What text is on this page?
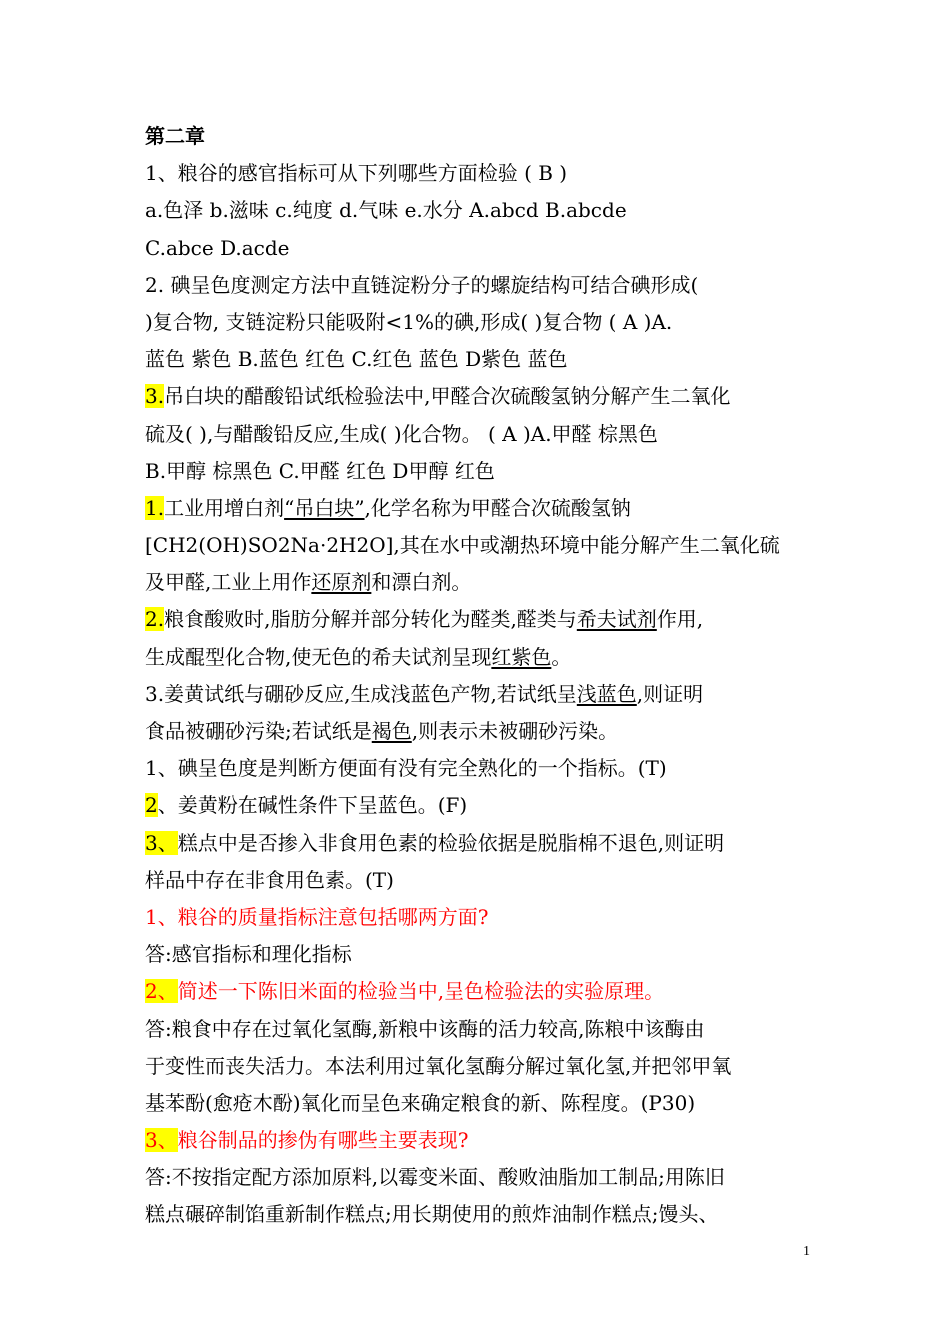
第二章
1、粮谷的感官指标可从下列哪些方面检验 ( B )
a.色泽 b.滋味 c.纯度 d.气味 e.水分 A.abcd B.abcde
C.abce D.acde
2. 碘呈色度测定方法中直链淀粉分子的螺旋结构可结合碘形成(
)复合物, 支链淀粉只能吸附<1%的碘,形成( )复合物 ( A )A.
蓝色 紫色 B.蓝色 红色 C.红色 蓝色 D紫色 蓝色
3.吊白块的醋酸铅试纸检验法中,甲醛合次硫酸氢钠分解产生二氧化
硫及( ),与醋酸铅反应,生成( )化合物。 ( A )A.甲醛 棕黑色
B.甲醇 棕黑色 C.甲醛 红色 D甲醇 红色
1.工业用增白剂“吊白块”,化学名称为甲醛合次硫酸氢钠
[CH2(OH)SO2Na·2H2O],其在水中或潮热环境中能分解产生二氧化硫
及甲醛,工业上用作还原剂和漂白剂。
2.粮食酸败时,脂肪分解并部分转化为醛类,醛类与希夫试剂作用,
生成醌型化合物,使无色的希夫试剂呈现红紫色。
3.姜黄试纸与硼砂反应,生成浅蓝色产物,若试纸呈浅蓝色,则证明
食品被硼砂污染;若试纸是褐色,则表示未被硼砂污染。
1、碘呈色度是判断方便面有没有完全熟化的一个指标。(T)
2、姜黄粉在碱性条件下呈蓝色。(F)
3、糕点中是否掺入非食用色素的检验依据是脱脂棉不退色,则证明
样品中存在非食用色素。(T)
1、粮谷的质量指标注意包括哪两方面?
答:感官指标和理化指标
2、简述一下陈旧米面的检验当中,呈色检验法的实验原理。
答:粮食中存在过氧化氢酶,新粮中该酶的活力较高,陈粮中该酶由
于变性而丧失活力。本法利用过氧化氢酶分解过氧化氢,并把邻甲氧
基苯酚(愈疮木酚)氧化而呈色来确定粮食的新、陈程度。(P30)
3、粮谷制品的掺伪有哪些主要表现?
答:不按指定配方添加原料,以霉变米面、酸败油脂加工制品;用陈旧
糕点碾碎制馅重新制作糕点;用长期使用的煎炸油制作糕点;馒头、
1
